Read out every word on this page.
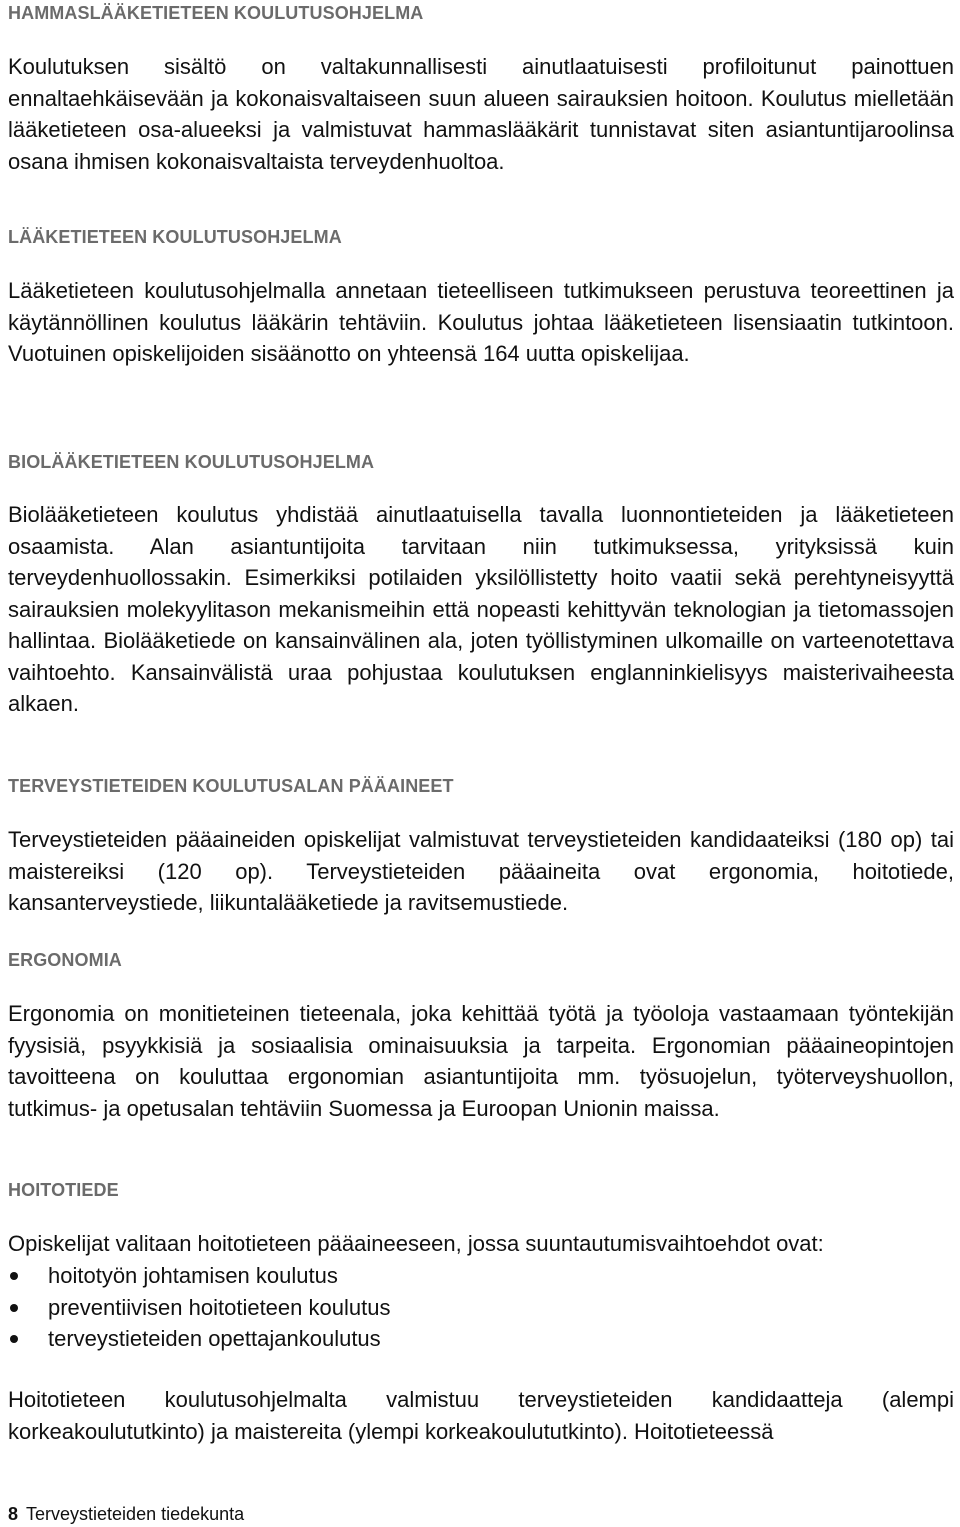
HAMMASLÄÄKETIETEEN KOULUTUSOHJELMA

Koulutuksen sisältö on valtakunnallisesti ainutlaatuisesti profiloitunut painottuen ennaltaehkäisevään ja kokonaisvaltaiseen suun alueen sairauksien hoitoon. Koulutus mielletään lääketieteen osa-alueeksi ja valmistuvat hammaslääkärit tunnistavat siten asiantuntijaroolinsa osana ihmisen kokonaisvaltaista terveydenhuoltoa.

LÄÄKETIETEEN KOULUTUSOHJELMA

Lääketieteen koulutusohjelmalla annetaan tieteelliseen tutkimukseen perustuva teoreettinen ja käytännöllinen koulutus lääkärin tehtäviin. Koulutus johtaa lääketieteen lisensiaatin tutkintoon. Vuotuinen opiskelijoiden sisäänotto on yhteensä 164 uutta opiskelijaa.

BIOLÄÄKETIETEEN KOULUTUSOHJELMA

Biolääketieteen koulutus yhdistää ainutlaatuisella tavalla luonnontieteiden ja lääketieteen osaamista. Alan asiantuntijoita tarvitaan niin tutkimuksessa, yrityksissä kuin terveydenhuollossakin. Esimerkiksi potilaiden yksilöllistetty hoito vaatii sekä perehtyneisyyttä sairauksien molekyylitason mekanismeihin että nopeasti kehittyvän teknologian ja tietomassojen hallintaa. Biolääketiede on kansainvälinen ala, joten työllistyminen ulkomaille on varteenotettava vaihtoehto. Kansainvälistä uraa pohjustaa koulutuksen englanninkielisyys maisterivaiheesta alkaen.

TERVEYSTIETEIDEN KOULUTUSALAN PÄÄAINEET

Terveystieteiden pääaineiden opiskelijat valmistuvat terveystieteiden kandidaateiksi (180 op) tai maistereiksi (120 op). Terveystieteiden pääaineita ovat ergonomia, hoitotiede, kansanterveystiede, liikuntalääketiede ja ravitsemustiede.

ERGONOMIA

Ergonomia on monitieteinen tieteenala, joka kehittää työtä ja työoloja vastaamaan työntekijän fyysisiä, psyykkisiä ja sosiaalisia ominaisuuksia ja tarpeita. Ergonomian pääaineopintojen tavoitteena on kouluttaa ergonomian asiantuntijoita mm. työsuojelun, työterveyshuollon, tutkimus- ja opetusalan tehtäviin Suomessa ja Euroopan Unionin maissa.

HOITOTIEDE

Opiskelijat valitaan hoitotieteen pääaineeseen, jossa suuntautumisvaihtoehdot ovat:

hoitotyön johtamisen koulutus
preventiivisen hoitotieteen koulutus
terveystieteiden opettajankoulutus

Hoitotieteen koulutusohjelmalta valmistuu terveystieteiden kandidaatteja (alempi korkeakoulututkinto) ja maistereita (ylempi korkeakoulututkinto). Hoitotieteessä

8 Terveystieteiden tiedekunta
